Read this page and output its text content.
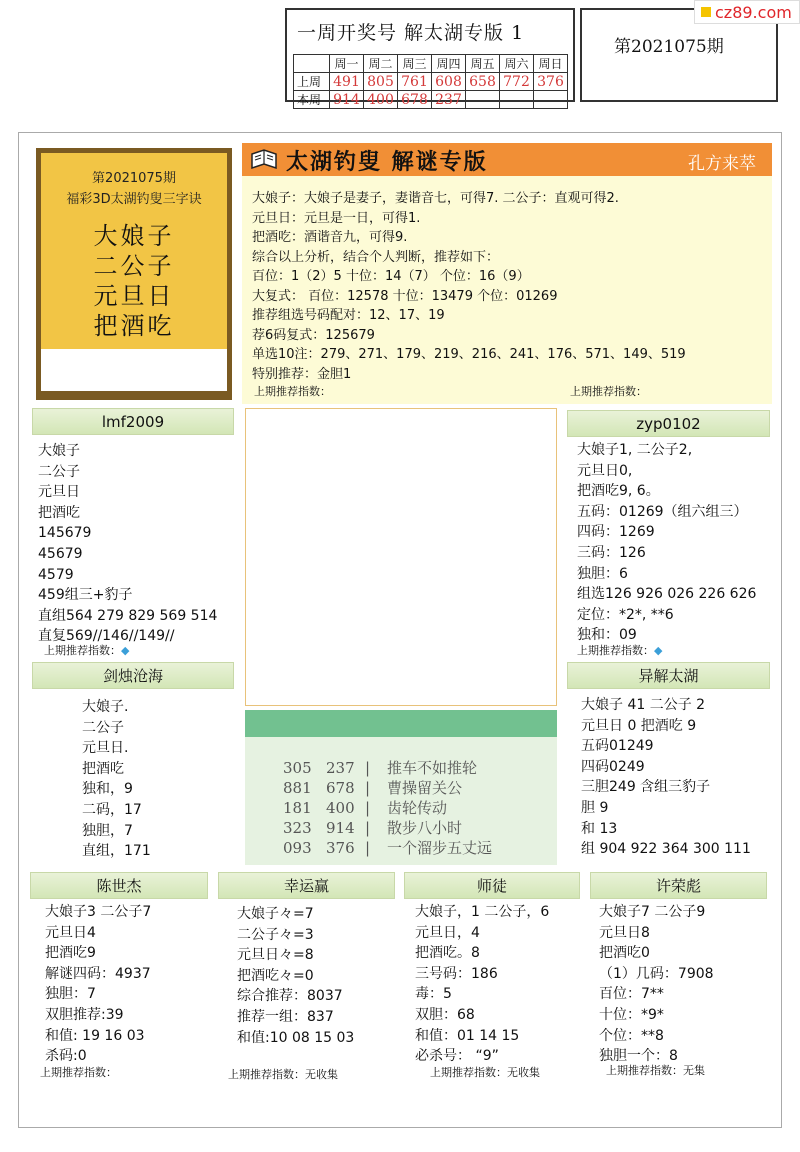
一周开奖号 解太湖专版 1
	周一	周二	周三	周四	周五	周六	周日
上周	491	805	761	608	658	772	376
本周	914	400	678	237			
第2021075期
cz89.com
第2021075期
福彩3D太湖钓叟三字诀
大娘子
二公子
元旦日
把酒吃
太湖钓叟 解谜专版	孔方来萃
大娘子：大娘子是妻子，妻谐音七，可得7. 二公子：直观可得2.
元旦日：元旦是一日，可得1.
把酒吃：酒谐音九，可得9.
综合以上分析，结合个人判断，推荐如下：
百位：1（2）5 十位：14（7） 个位：16（9）
大复式： 百位：12578 十位：13479 个位：01269
推荐组选号码配对：12、17、19
荐6码复式：125679
单选10注：279、271、179、219、216、241、176、571、149、519
特别推荐：金胆1
上期推荐指数：	上期推荐指数：
lmf2009
大娘子
二公子
元旦日
把酒吃
145679
45679
4579
459组三+豹子
直组564 279 829 569 514
直复569//146//149//
上期推荐指数：◆
zyp0102
大娘子1, 二公子2,
元旦日0,
把酒吃9, 6。
五码：01269（组六组三）
四码：1269
三码：126
独胆：6
组选126 926 026 226 626
定位：*2*, **6
独和：09
上期推荐指数：◆
剑烛沧海
大娘子.
二公子
元旦日.
把酒吃
独和，9
二码，17
独胆，7
直组，171
异解太湖
大娘子 41 二公子 2
元旦日 0 把酒吃 9
五码01249
四码0249
三胆249 含组三豹子
胆 9
和 13
组 904 922 364 300 111
305 237 | 推车不如推轮
881 678 | 曹操留关公
181 400 | 齿轮传动
323 914 | 散步八小时
093 376 | 一个溜步五丈远
陈世杰
大娘子3 二公子7
元旦日4
把酒吃9
解谜四码：4937
独胆：7
双胆推荐:39
和值: 19 16 03
杀码:0
上期推荐指数：
幸运赢
大娘子々=7
二公子々=3
元旦日々=8
把酒吃々=0
综合推荐：8037
推荐一组：837
和值:10 08 15 03
上期推荐指数：无收集
师徒
大娘子，1 二公子，6
元旦日，4
把酒吃。8
三号码：186
毒：5
双胆：68
和值：01 14 15
必杀号： “9”
上期推荐指数：无收集
许荣彪
大娘子7 二公子9
元旦日8
把酒吃0
（1）几码：7908
百位：7**
十位：*9*
个位：**8
独胆一个：8
上期推荐指数：无集
